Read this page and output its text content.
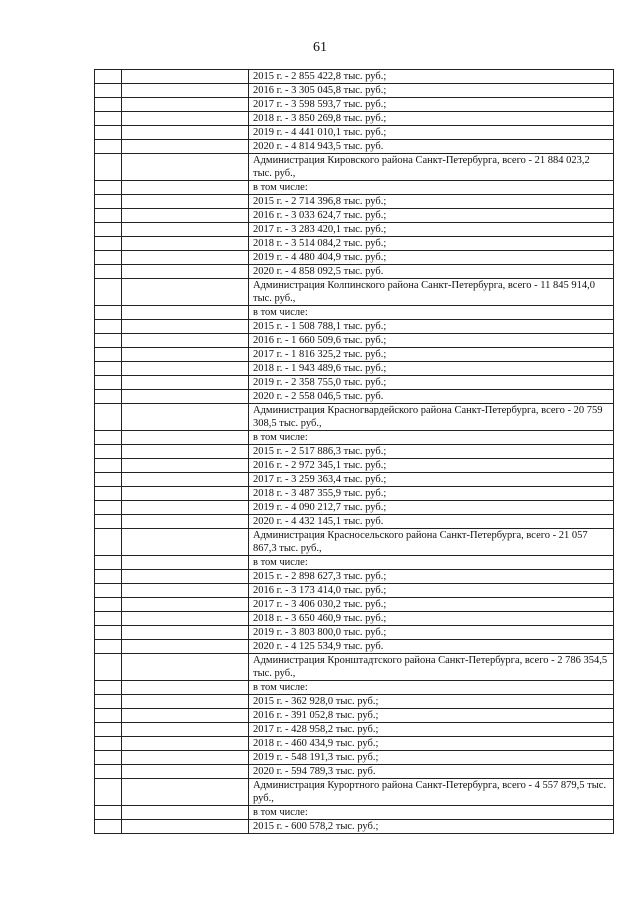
61
2015 г. - 2 855 422,8 тыс. руб.;
2016 г. - 3 305 045,8 тыс. руб.;
2017 г. - 3 598 593,7 тыс. руб.;
2018 г. - 3 850 269,8 тыс. руб.;
2019 г. - 4 441 010,1 тыс. руб.;
2020 г. - 4 814 943,5 тыс. руб.
Администрация Кировского района Санкт-Петербурга, всего - 21 884 023,2 тыс. руб.,
в том числе:
2015 г. - 2 714 396,8 тыс. руб.;
2016 г. - 3 033 624,7 тыс. руб.;
2017 г. - 3 283 420,1 тыс. руб.;
2018 г. - 3 514 084,2 тыс. руб.;
2019 г. - 4 480 404,9 тыс. руб.;
2020 г. - 4 858 092,5 тыс. руб.
Администрация Колпинского района Санкт-Петербурга, всего - 11 845 914,0 тыс. руб.,
в том числе:
2015 г. - 1 508 788,1 тыс. руб.;
2016 г. - 1 660 509,6 тыс. руб.;
2017 г. - 1 816 325,2 тыс. руб.;
2018 г. - 1 943 489,6 тыс. руб.;
2019 г. - 2 358 755,0 тыс. руб.;
2020 г. - 2 558 046,5 тыс. руб.
Администрация Красногвардейского района Санкт-Петербурга, всего - 20 759 308,5 тыс. руб.,
в том числе:
2015 г. - 2 517 886,3 тыс. руб.;
2016 г. - 2 972 345,1 тыс. руб.;
2017 г. - 3 259 363,4 тыс. руб.;
2018 г. - 3 487 355,9 тыс. руб.;
2019 г. - 4 090 212,7 тыс. руб.;
2020 г. - 4 432 145,1 тыс. руб.
Администрация Красносельского района Санкт-Петербурга, всего - 21 057 867,3 тыс. руб.,
в том числе:
2015 г. - 2 898 627,3 тыс. руб.;
2016 г. - 3 173 414,0 тыс. руб.;
2017 г. - 3 406 030,2 тыс. руб.;
2018 г. - 3 650 460,9 тыс. руб.;
2019 г. - 3 803 800,0 тыс. руб.;
2020 г. - 4 125 534,9 тыс. руб.
Администрация Кронштадтского района Санкт-Петербурга, всего - 2 786 354,5 тыс. руб.,
в том числе:
2015 г. - 362 928,0 тыс. руб.;
2016 г. - 391 052,8 тыс. руб.;
2017 г. - 428 958,2 тыс. руб.;
2018 г. - 460 434,9 тыс. руб.;
2019 г. - 548 191,3 тыс. руб.;
2020 г. - 594 789,3 тыс. руб.
Администрация Курортного района Санкт-Петербурга, всего - 4 557 879,5 тыс. руб.,
в том числе:
2015 г. - 600 578,2 тыс. руб.;
